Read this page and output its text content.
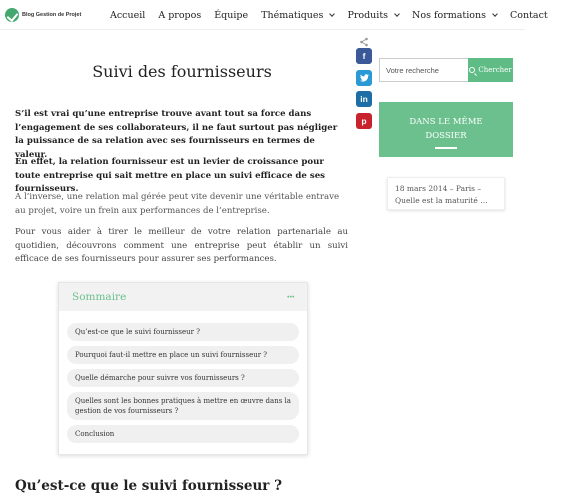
Blog Gestion de Projet	Accueil A propos Équipe Thématiques	Produits	Nos formations	Contact
f
in
p
Suivi des fournisseurs

S’il est vrai qu’une entreprise trouve avant tout sa force dans l’engagement de ses collaborateurs, il ne faut surtout pas négliger la puissance de sa relation avec ses fournisseurs en termes de valeur.

En effet, la relation fournisseur est un levier de croissance pour toute entreprise qui sait mettre en place un suivi efficace de ses fournisseurs.

A l’inverse, une relation mal gérée peut vite devenir une véritable entrave au projet, voire un frein aux performances de l’entreprise.

Pour vous aider à tirer le meilleur de votre relation partenariale au quotidien, découvrons comment une entreprise peut établir un suivi efficace de ses fournisseurs pour assurer ses performances.

Votre recherche	Chercher
DANS LE MÊME DOSSIER
18 mars 2014 – Paris – Quelle est la maturité …
Sommaire	···
Qu’est-ce que le suivi fournisseur ?
Pourquoi faut-il mettre en place un suivi fournisseur ?
Quelle démarche pour suivre vos fournisseurs ?
Quelles sont les bonnes pratiques à mettre en œuvre dans la gestion de vos fournisseurs ?
Conclusion
Qu’est-ce que le suivi fournisseur ?
